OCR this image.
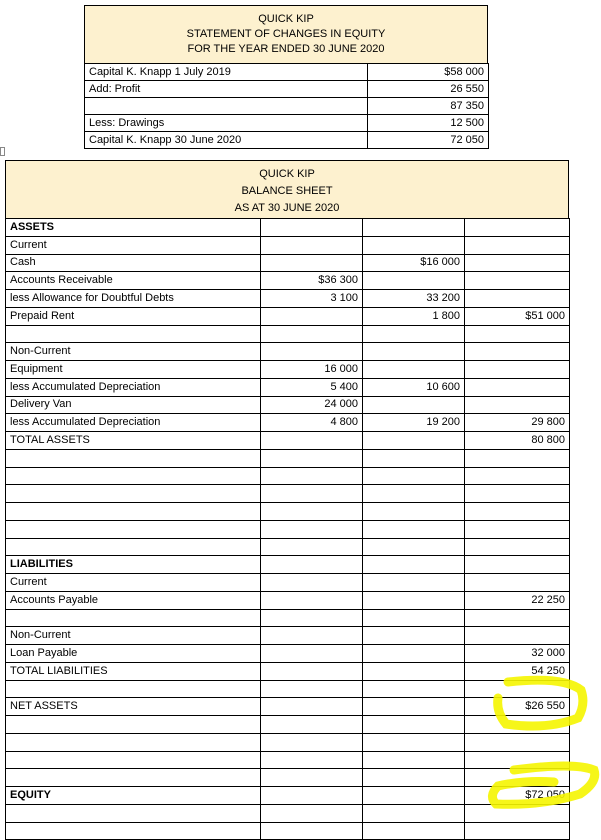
QUICK KIP
STATEMENT OF CHANGES IN EQUITY
FOR THE YEAR ENDED 30 JUNE 2020
Capital K. Knapp 1 July 2019	$58 000
Add: Profit	26 550
	87 350
Less: Drawings	12 500
Capital K. Knapp 30 June 2020	72 050
QUICK KIP
BALANCE SHEET
AS AT 30 JUNE 2020
ASSETS			
Current			
Cash		$16 000	
Accounts Receivable	$36 300		
less Allowance for Doubtful Debts	3 100	33 200	
Prepaid Rent		1 800	$51 000

Non-Current			
Equipment	16 000		
less Accumulated Depreciation	5 400	10 600	
Delivery Van	24 000		
less Accumulated Depreciation	4 800	19 200	29 800
TOTAL ASSETS			80 800

LIABILITIES			
Current			
Accounts Payable			22 250

Non-Current			
Loan Payable			32 000
TOTAL LIABILITIES			54 250

NET ASSETS			$26 550

EQUITY			$72 050
